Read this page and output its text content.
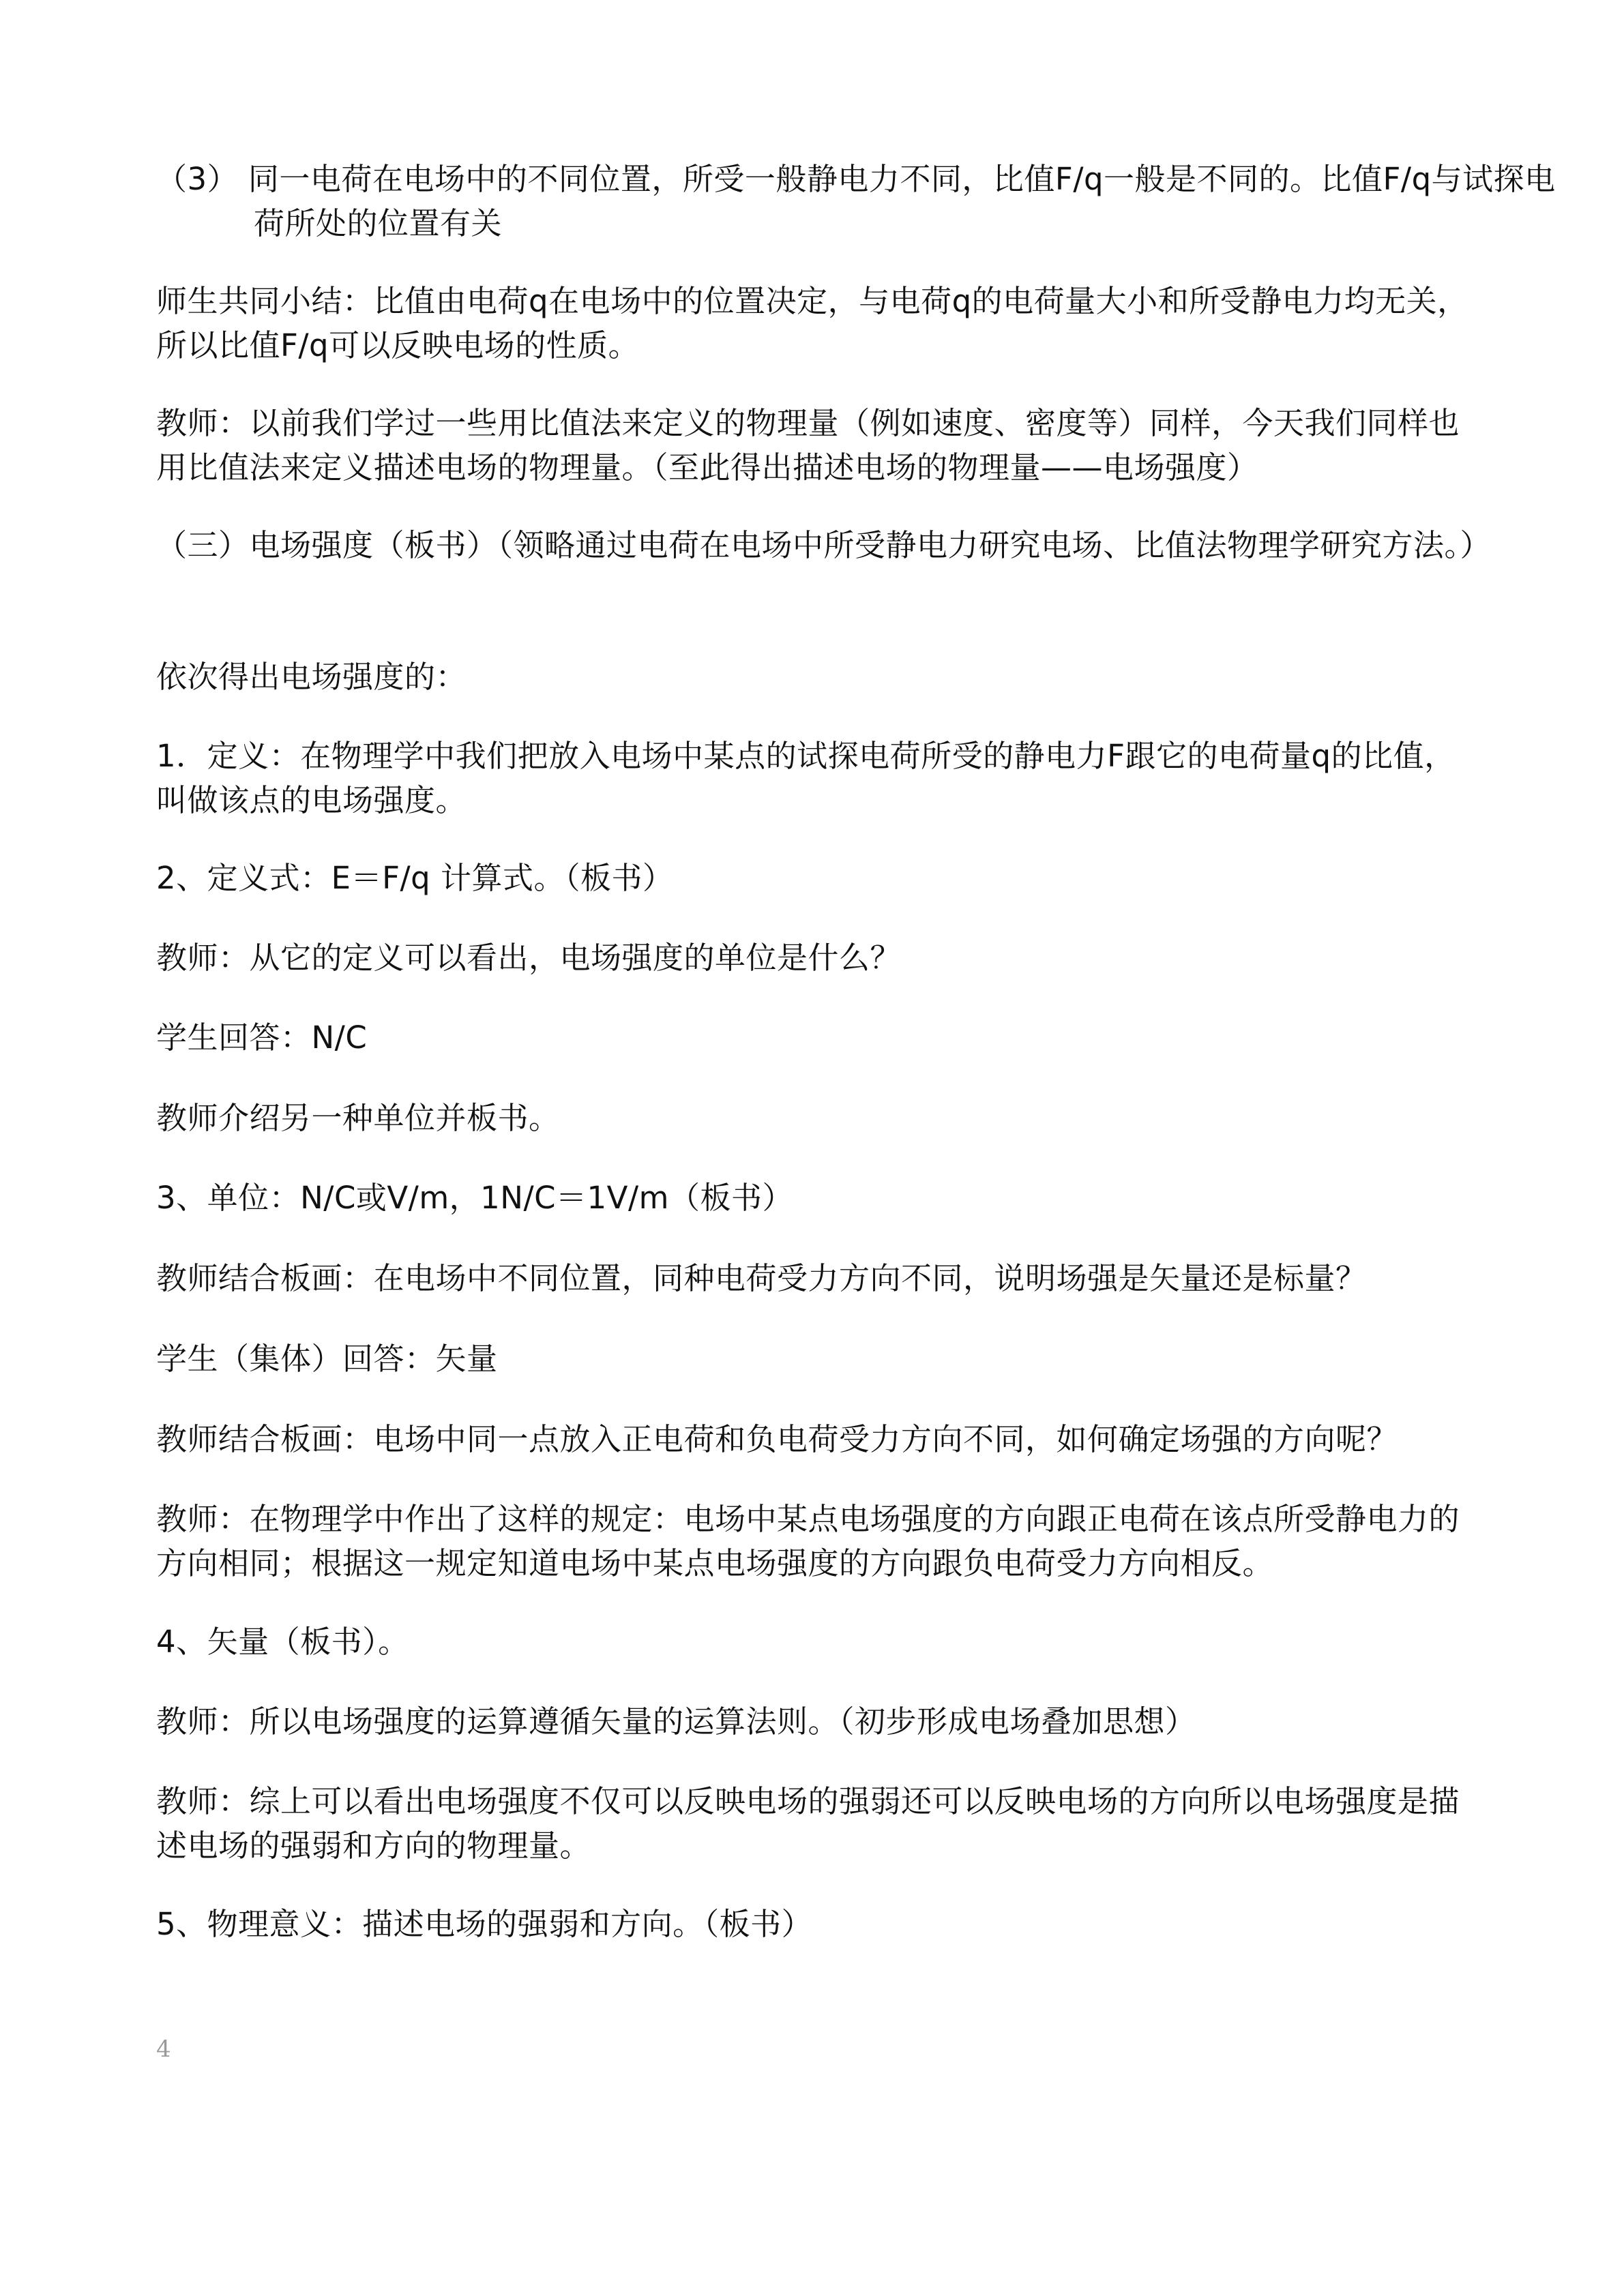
（3） 同一电荷在电场中的不同位置，所受一般静电力不同，比值F/q一般是不同的。比值F/q与试探电荷所处的位置有关
师生共同小结：比值由电荷q在电场中的位置决定，与电荷q的电荷量大小和所受静电力均无关，所以比值F/q可以反映电场的性质。
教师：以前我们学过一些用比值法来定义的物理量（例如速度、密度等）同样，今天我们同样也用比值法来定义描述电场的物理量。（至此得出描述电场的物理量——电场强度）
（三）电场强度（板书）（领略通过电荷在电场中所受静电力研究电场、比值法物理学研究方法。）
依次得出电场强度的：
1．定义：在物理学中我们把放入电场中某点的试探电荷所受的静电力F跟它的电荷量q的比值，叫做该点的电场强度。
2、定义式：E＝F/q 计算式。（板书）
教师：从它的定义可以看出，电场强度的单位是什么？
学生回答：N/C
教师介绍另一种单位并板书。
3、单位：N/C或V/m，1N/C＝1V/m（板书）
教师结合板画：在电场中不同位置，同种电荷受力方向不同，说明场强是矢量还是标量？
学生（集体）回答：矢量
教师结合板画：电场中同一点放入正电荷和负电荷受力方向不同，如何确定场强的方向呢？
教师：在物理学中作出了这样的规定：电场中某点电场强度的方向跟正电荷在该点所受静电力的方向相同；根据这一规定知道电场中某点电场强度的方向跟负电荷受力方向相反。
4、矢量（板书）。
教师：所以电场强度的运算遵循矢量的运算法则。（初步形成电场叠加思想）
教师：综上可以看出电场强度不仅可以反映电场的强弱还可以反映电场的方向所以电场强度是描述电场的强弱和方向的物理量。
5、物理意义：描述电场的强弱和方向。（板书）
4
